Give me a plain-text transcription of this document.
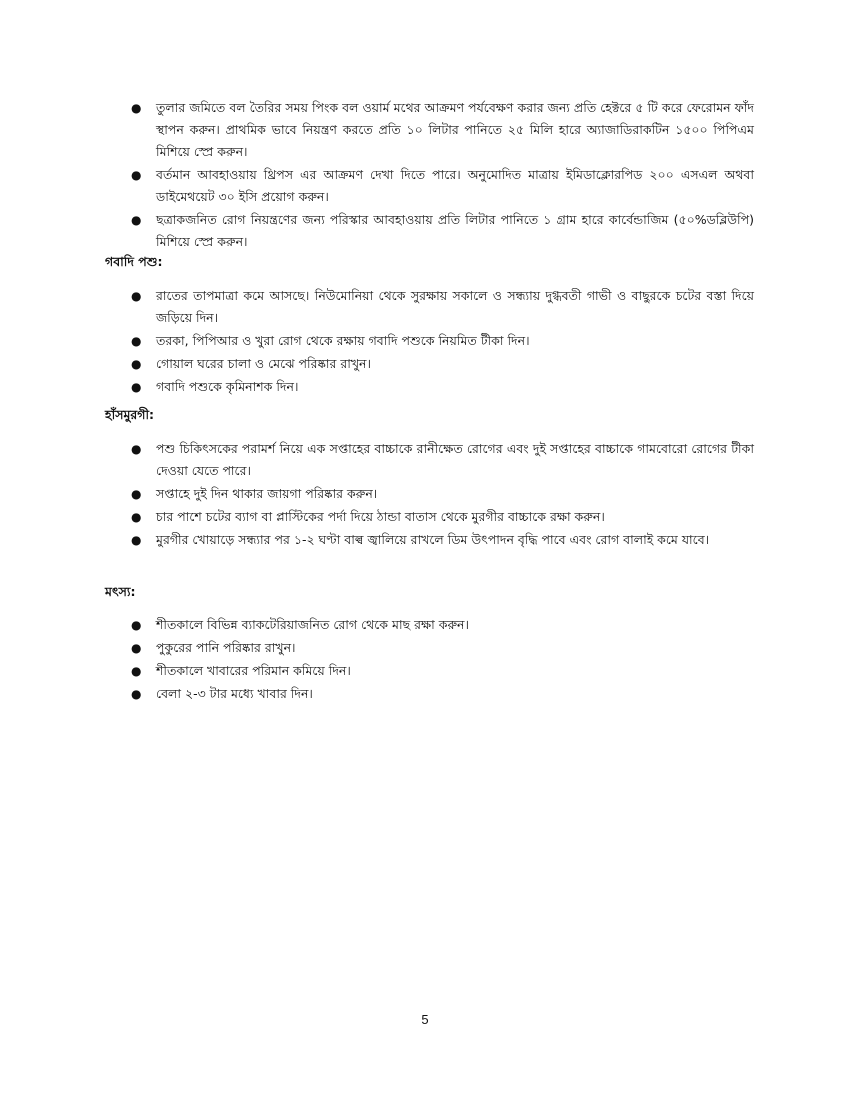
● তুলার জমিতে বল তৈরির সময় পিংক বল ওয়ার্ম মথের আক্রমণ পর্যবেক্ষণ করার জন্য প্রতি হেক্টরে ৫ টি করে ফেরোমন ফাঁদ স্থাপন করুন। প্রাথমিক ভাবে নিয়ন্ত্রণ করতে প্রতি ১০ লিটার পানিতে ২৫ মিলি হারে অ্যাজাডিরাকটিন ১৫০০ পিপিএম মিশিয়ে স্প্রে করুন।
● বর্তমান আবহাওয়ায় থ্রিপস এর আক্রমণ দেখা দিতে পারে। অনুমোদিত মাত্রায় ইমিডাক্লোরপিড ২০০ এসএল অথবা ডাইমেথয়েট ৩০ ইসি প্রয়োগ করুন।
● ছত্রাকজনিত রোগ নিয়ন্ত্রণের জন্য পরিস্কার আবহাওয়ায় প্রতি লিটার পানিতে ১ গ্রাম হারে কার্বেন্ডাজিম (৫০%ডব্লিউপি) মিশিয়ে স্প্রে করুন।
গবাদি পশু:
● রাতের তাপমাত্রা কমে আসছে। নিউমোনিয়া থেকে সুরক্ষায় সকালে ও সন্ধ্যায় দুগ্ধবতী গাভী ও বাছুরকে চটের বস্তা দিয়ে জড়িয়ে দিন।
● তরকা, পিপিআর ও খুরা রোগ থেকে রক্ষায় গবাদি পশুকে নিয়মিত টীকা দিন।
● গোয়াল ঘরের চালা ও মেঝে পরিষ্কার রাখুন।
● গবাদি পশুকে কৃমিনাশক দিন।
হাঁসমুরগী:
● পশু চিকিৎসকের পরামর্শ নিয়ে এক সপ্তাহের বাচ্চাকে রানীক্ষেত রোগের এবং দুই সপ্তাহের বাচ্চাকে গামবোরো রোগের টীকা দেওয়া যেতে পারে।
● সপ্তাহে দুই দিন থাকার জায়গা পরিষ্কার করুন।
● চার পাশে চটের ব্যাগ বা প্লাস্টিকের পর্দা দিয়ে ঠান্ডা বাতাস থেকে মুরগীর বাচ্চাকে রক্ষা করুন।
● মুরগীর খোয়াড়ে সন্ধ্যার পর ১-২ ঘণ্টা বাল্ব জ্বালিয়ে রাখলে ডিম উৎপাদন বৃদ্ধি পাবে এবং রোগ বালাই কমে যাবে।
মৎস্য:
● শীতকালে বিভিন্ন ব্যাকটেরিয়াজনিত রোগ থেকে মাছ রক্ষা করুন।
● পুকুরের পানি পরিষ্কার রাখুন।
● শীতকালে খাবারের পরিমান কমিয়ে দিন।
● বেলা ২-৩ টার মধ্যে খাবার দিন।
5
